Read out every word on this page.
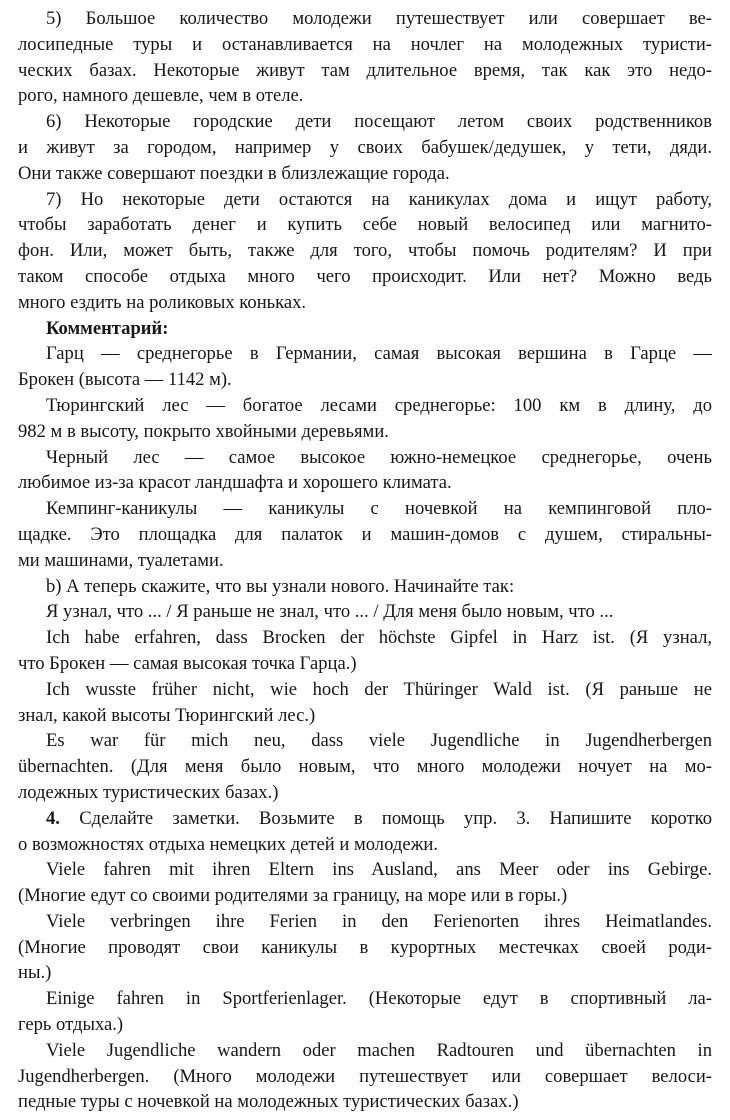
5) Большое количество молодежи путешествует или совершает ве-
лосипедные туры и останавливается на ночлег на молодежных туристи-
ческих базах. Некоторые живут там длительное время, так как это недо-
рого, намного дешевле, чем в отеле.
6) Некоторые городские дети посещают летом своих родственников
и живут за городом, например у своих бабушек/дедушек, у тети, дяди.
Они также совершают поездки в близлежащие города.
7) Но некоторые дети остаются на каникулах дома и ищут работу,
чтобы заработать денег и купить себе новый велосипед или магнито-
фон. Или, может быть, также для того, чтобы помочь родителям? И при
таком способе отдыха много чего происходит. Или нет? Можно ведь
много ездить на роликовых коньках.
Комментарий:
Гарц — среднегорье в Германии, самая высокая вершина в Гарце —
Брокен (высота — 1142 м).
Тюрингский лес — богатое лесами среднегорье: 100 км в длину, до
982 м в высоту, покрыто хвойными деревьями.
Черный лес — самое высокое южно-немецкое среднегорье, очень
любимое из-за красот ландшафта и хорошего климата.
Кемпинг-каникулы — каникулы с ночевкой на кемпинговой пло-
щадке. Это площадка для палаток и машин-домов с душем, стиральны-
ми машинами, туалетами.
b) А теперь скажите, что вы узнали нового. Начинайте так:
Я узнал, что ... / Я раньше не знал, что ... / Для меня было новым, что ...
Ich habe erfahren, dass Brocken der höchste Gipfel in Harz ist. (Я узнал,
что Брокен — самая высокая точка Гарца.)
Ich wusste früher nicht, wie hoch der Thüringer Wald ist. (Я раньше не
знал, какой высоты Тюрингский лес.)
Es war für mich neu, dass viele Jugendliche in Jugendherbergen
übernachten. (Для меня было новым, что много молодежи ночует на мо-
лодежных туристических базах.)
4. Сделайте заметки. Возьмите в помощь упр. 3. Напишите коротко
о возможностях отдыха немецких детей и молодежи.
Viele fahren mit ihren Eltern ins Ausland, ans Meer oder ins Gebirge.
(Многие едут со своими родителями за границу, на море или в горы.)
Viele verbringen ihre Ferien in den Ferienorten ihres Heimatlandes.
(Многие проводят свои каникулы в курортных местечках своей роди-
ны.)
Einige fahren in Sportferienlager. (Некоторые едут в спортивный ла-
герь отдыха.)
Viele Jugendliche wandern oder machen Radtouren und übernachten in
Jugendherbergen. (Много молодежи путешествует или совершает велоси-
педные туры с ночевкой на молодежных туристических базах.)
